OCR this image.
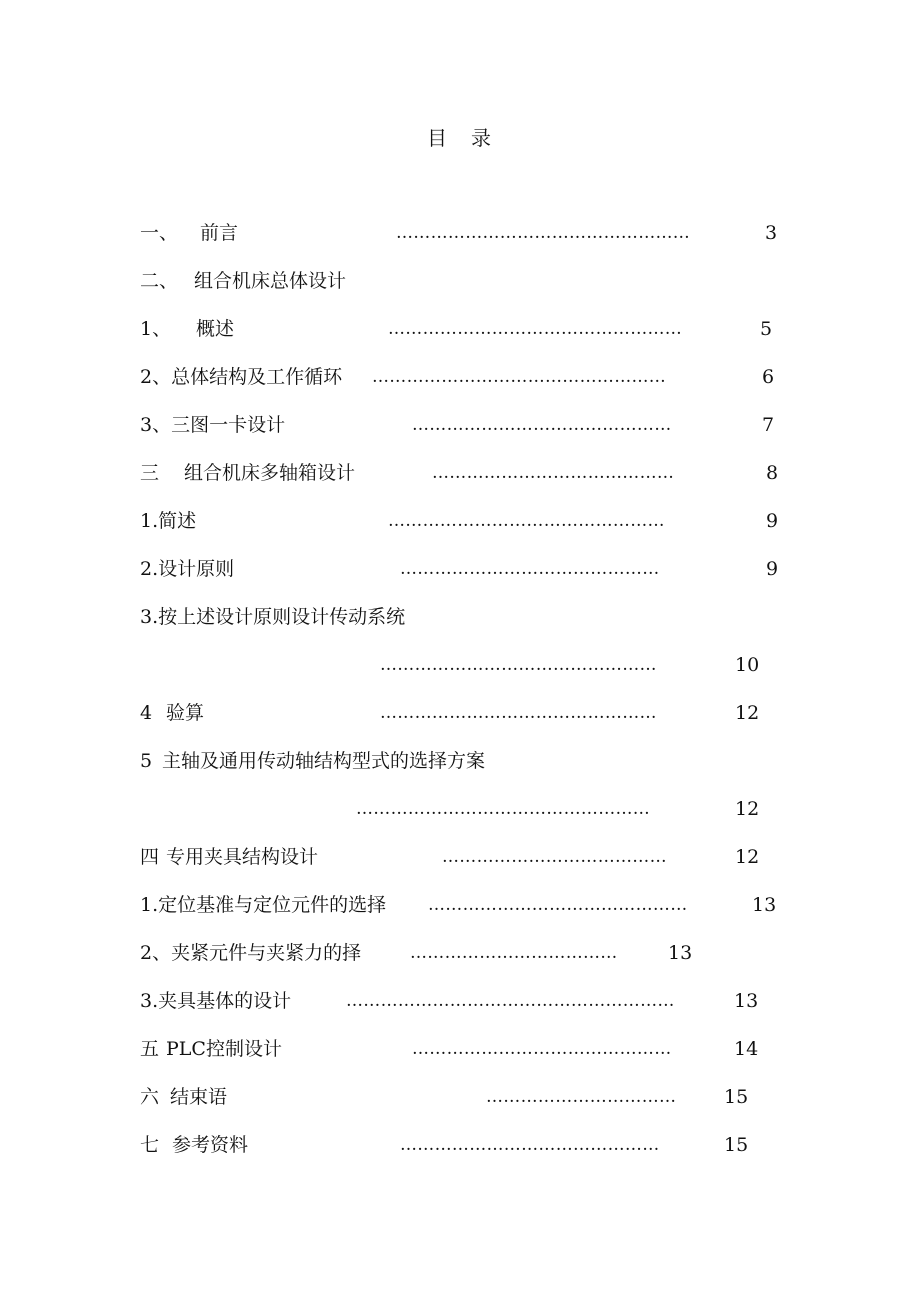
目 录
一、 前言	……………………………………………	3
二、 组合机床总体设计
1、 概述	……………………………………………	5
2、总体结构及工作循环 ……………………………………………	6
3、三图一卡设计	………………………………………	7
三 组合机床多轴箱设计	……………………………………	8
1.简述	…………………………………………	9
2.设计原则	………………………………………	9
3.按上述设计原则设计传动系统
…………………………………………	10
4 验算	…………………………………………	12
5 主轴及通用传动轴结构型式的选择方案
……………………………………………	12
四 专用夹具结构设计	…………………………………	12
1.定位基准与定位元件的选择 ………………………………………	13
2、夹紧元件与夹紧力的择	………………………………	13
3.夹具基体的设计	…………………………………………………	13
五 PLC控制设计	………………………………………	14
六 结束语	……………………………	15
七 参考资料	………………………………………	15
